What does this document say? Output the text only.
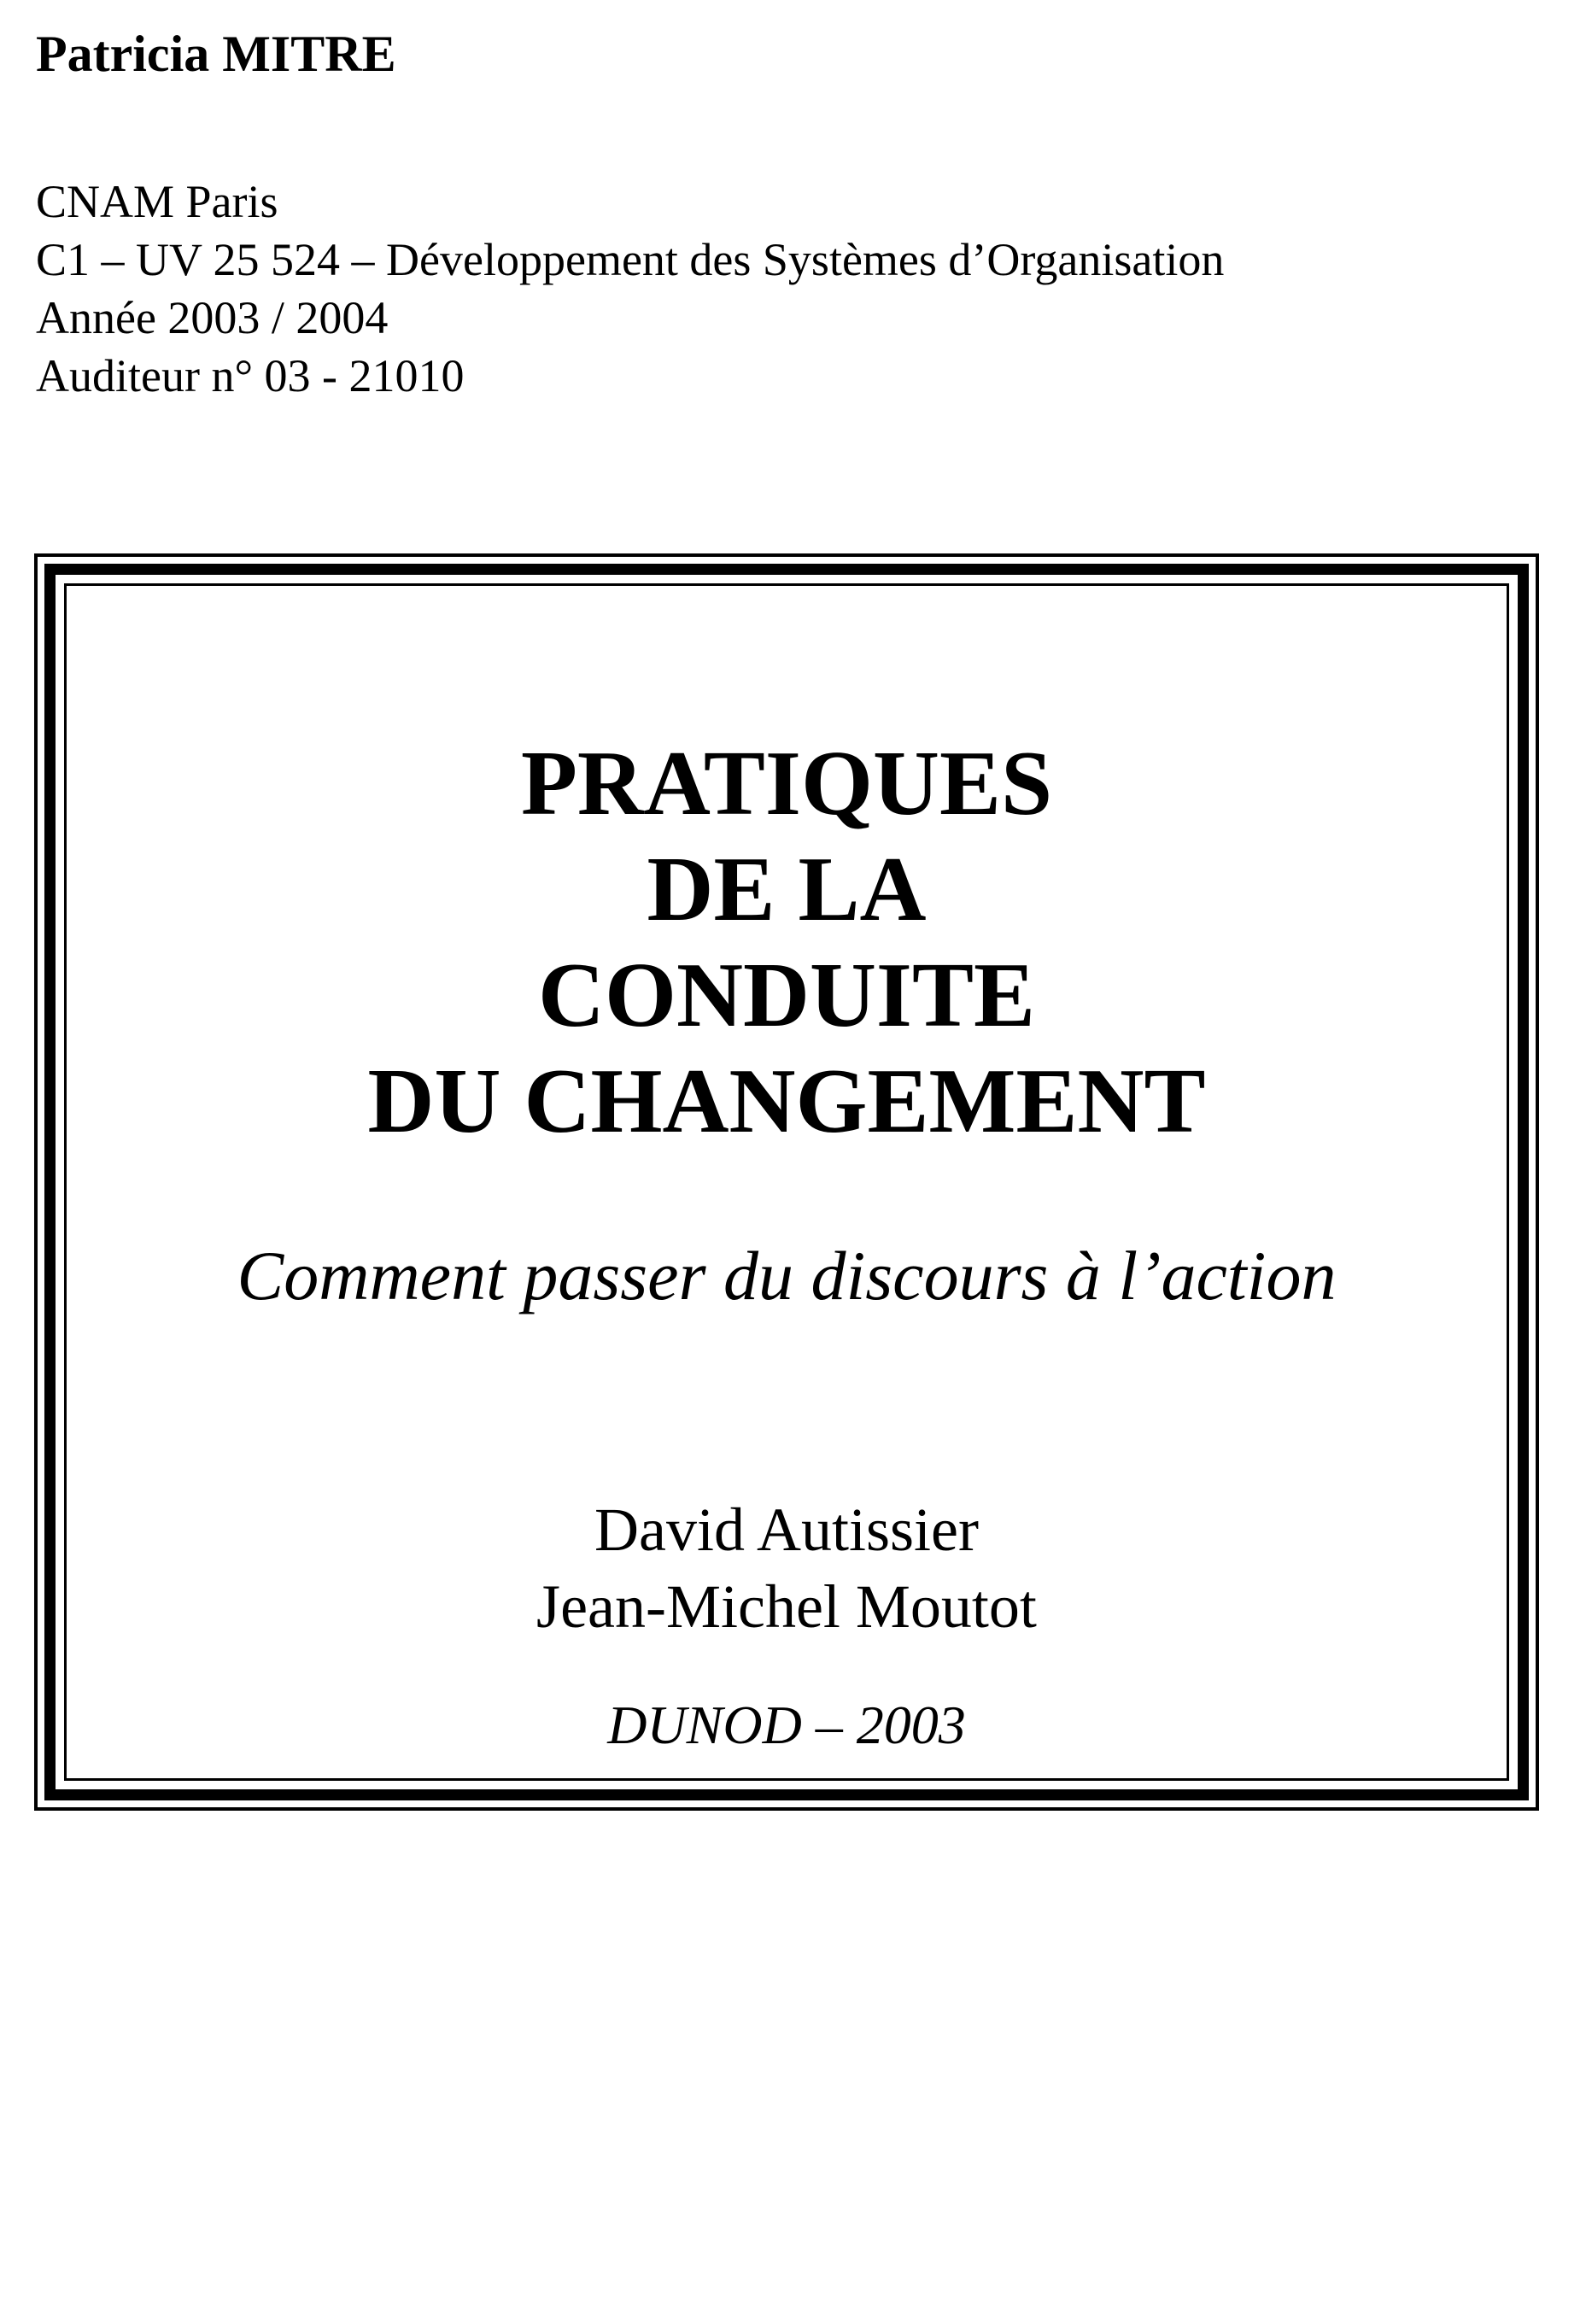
Patricia MITRE

CNAM Paris
C1 – UV 25 524 – Développement des Systèmes d’Organisation
Année 2003 / 2004
Auditeur n° 03 - 21010
PRATIQUES
DE LA
CONDUITE
DU CHANGEMENT
Comment passer du discours à l’action
David Autissier
Jean-Michel Moutot
DUNOD – 2003
